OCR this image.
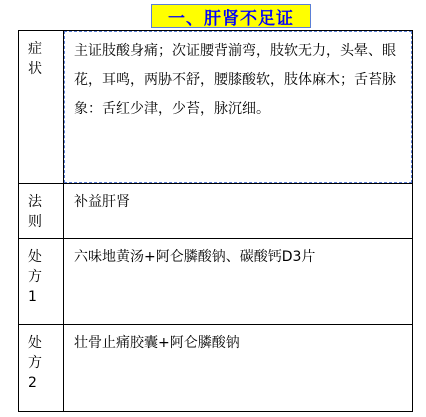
一、肝肾不足证
症
状	主证肢酸身痛；次证腰背湔弯，肢软无力，头晕、眼花，耳鸣，两胁不舒，腰膝酸软，肢体麻木；舌苔脉象：舌红少津，少苔，脉沉细。

法
则	补益肝肾

处
方
1	六味地黄汤+阿仑膦酸钠、碳酸钙D3片

处
方
2	壮骨止痛胶囊+阿仑膦酸钠
